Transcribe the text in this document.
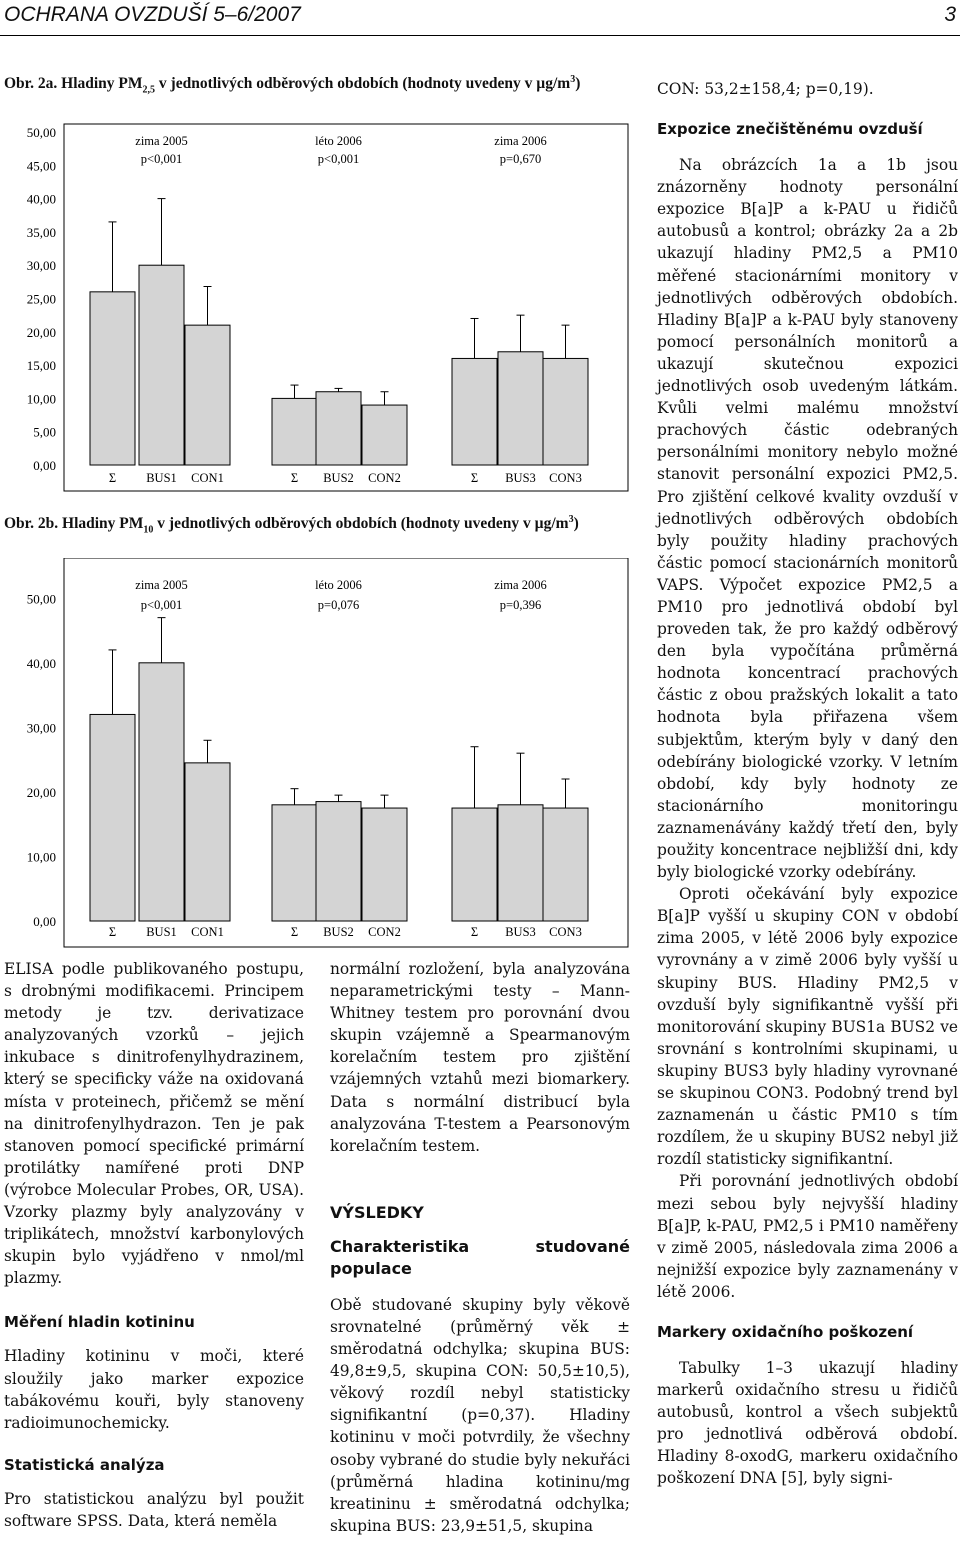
OCHRANA OVZDUŠÍ 5–6/2007	3
Obr. 2a. Hladiny $PM_{2,5}$ v jednotlivých odběrových obdobích (hodnoty uvedeny v $\mu g/m^3$)
50,00
45,00
40,00
35,00
30,00
25,00
20,00
15,00
10,00
5,00
0,00
zima 2005
p<0,001
Σ BUS1 CON1
léto 2006
p<0,001
Σ BUS2 CON2
zima 2006
p=0,670
Σ BUS3 CON3
Obr. 2b. Hladiny $PM_{10}$ v jednotlivých odběrových obdobích (hodnoty uvedeny v $\mu g/m^3$)
50,00
40,00
30,00
20,00
10,00
0,00
zima 2005
p<0,001
Σ BUS1 CON1
léto 2006
p=0,076
Σ BUS2 CON2
zima 2006
p=0,396
Σ BUS3 CON3

ELISA podle publikovaného postupu, s drobnými modifikacemi. Principem metody je tzv. derivatizace analyzovaných vzorků – jejich inkubace s dinitrofenylhydrazinem, který se specificky váže na oxidovaná místa v proteinech, přičemž se mění na dinitrofenylhydrazon. Ten je pak stanoven pomocí specifické primární protilátky namířené proti DNP (výrobce Molecular Probes, OR, USA). Vzorky plazmy byly analyzovány v triplikátech, množství karbonylových skupin bylo vyjádřeno v nmol/ml plazmy.

Měření hladin kotininu

Hladiny kotininu v moči, které sloužily jako marker expozice tabákovému kouři, byly stanoveny radioimunochemicky.

Statistická analýza

Pro statistickou analýzu byl použit software SPSS. Data, která neměla

normální rozložení, byla analyzována neparametrickými testy – Mann-Whitney testem pro porovnání dvou skupin vzájemně a Spearmanovým korelačním testem pro zjištění vzájemných vztahů mezi biomarkery. Data s normální distribucí byla analyzována T-testem a Pearsonovým korelačním testem.

VÝSLEDKY
Charakteristika studované populace

Obě studované skupiny byly věkově srovnatelné (průměrný věk ± směrodatná odchylka; skupina BUS: 49,8±9,5, skupina CON: 50,5±10,5), věkový rozdíl nebyl statisticky signifikantní (p=0,37). Hladiny kotininu v moči potvrdily, že všechny osoby vybrané do studie byly nekuřáci (průměrná hladina kotininu/mg kreatininu ± směrodatná odchylka; skupina BUS: 23,9±51,5, skupina

CON: 53,2±158,4; p=0,19).

Expozice znečištěnému ovzduší

Na obrázcích 1a a 1b jsou znázorněny hodnoty personální expozice B[a]P a k-PAU u řidičů autobusů a kontrol; obrázky 2a a 2b ukazují hladiny PM2,5 a PM10 měřené stacionárními monitory v jednotlivých odběrových obdobích. Hladiny B[a]P a k-PAU byly stanoveny pomocí personálních monitorů a ukazují skutečnou expozici jednotlivých osob uvedeným látkám. Kvůli velmi malému množství prachových částic odebraných personálními monitory nebylo možné stanovit personální expozici PM2,5. Pro zjištění celkové kvality ovzduší v jednotlivých odběrových obdobích byly použity hladiny prachových částic pomocí stacionárních monitorů VAPS. Výpočet expozice PM2,5 a PM10 pro jednotlivá období byl proveden tak, že pro každý odběrový den byla vypočítána průměrná hodnota koncentrací prachových částic z obou pražských lokalit a tato hodnota byla přiřazena všem subjektům, kterým byly v daný den odebírány biologické vzorky. V letním období, kdy byly hodnoty ze stacionárního monitoringu zaznamenávány každý třetí den, byly použity koncentrace nejbližší dni, kdy byly biologické vzorky odebírány.

Oproti očekávání byly expozice B[a]P vyšší u skupiny CON v období zima 2005, v létě 2006 byly expozice vyrovnány a v zimě 2006 byly vyšší u skupiny BUS. Hladiny PM2,5 v ovzduší byly signifikantně vyšší při monitorování skupiny BUS1a BUS2 ve srovnání s kontrolními skupinami, u skupiny BUS3 byly hladiny vyrovnané se skupinou CON3. Podobný trend byl zaznamenán u částic PM10 s tím rozdílem, že u skupiny BUS2 nebyl již rozdíl statisticky signifikantní.

Při porovnání jednotlivých období mezi sebou byly nejvyšší hladiny B[a]P, k-PAU, PM2,5 i PM10 naměřeny v zimě 2005, následovala zima 2006 a nejnižší expozice byly zaznamenány v létě 2006.

Markery oxidačního poškození

Tabulky 1–3 ukazují hladiny markerů oxidačního stresu u řidičů autobusů, kontrol a všech subjektů pro jednotlivá odběrová období. Hladiny 8-oxodG, markeru oxidačního poškození DNA [5], byly signi-
